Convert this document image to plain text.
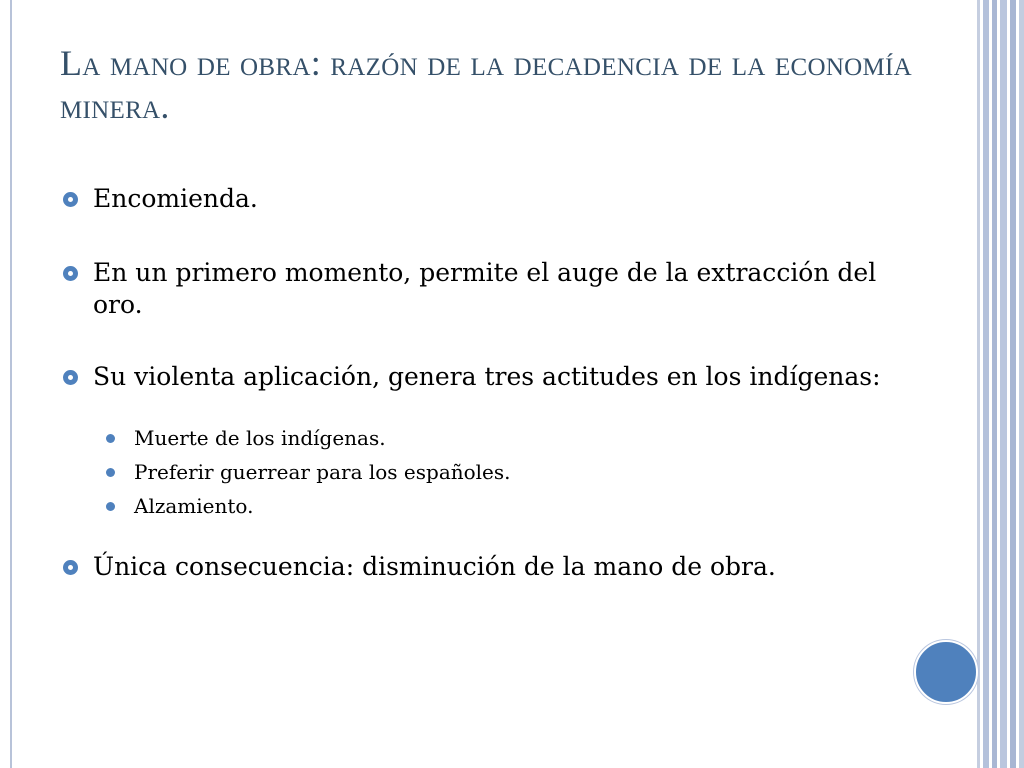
La mano de obra: razón de la decadencia de la economía minera.
Encomienda.
En un primero momento, permite el auge de la extracción del oro.
Su violenta aplicación, genera tres actitudes en los indígenas:
Muerte de los indígenas.
Preferir guerrear para los españoles.
Alzamiento.
Única consecuencia: disminución de la mano de obra.
